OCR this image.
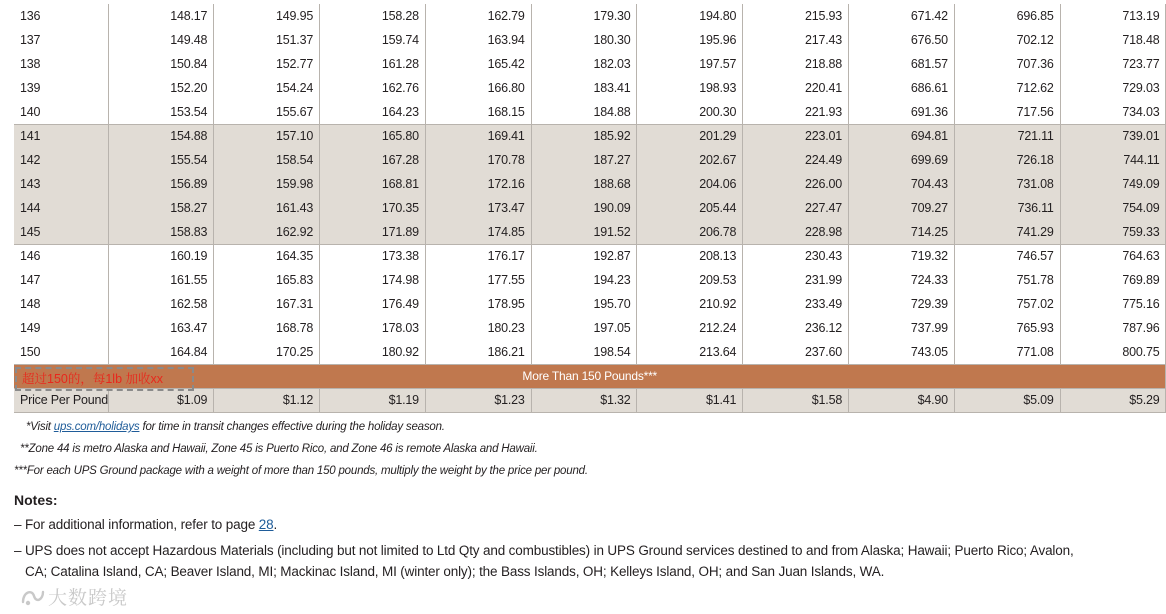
136	148.17	149.95	158.28	162.79	179.30	194.80	215.93	671.42	696.85	713.19
137	149.48	151.37	159.74	163.94	180.30	195.96	217.43	676.50	702.12	718.48
138	150.84	152.77	161.28	165.42	182.03	197.57	218.88	681.57	707.36	723.77
139	152.20	154.24	162.76	166.80	183.41	198.93	220.41	686.61	712.62	729.03
140	153.54	155.67	164.23	168.15	184.88	200.30	221.93	691.36	717.56	734.03
141	154.88	157.10	165.80	169.41	185.92	201.29	223.01	694.81	721.11	739.01
142	155.54	158.54	167.28	170.78	187.27	202.67	224.49	699.69	726.18	744.11
143	156.89	159.98	168.81	172.16	188.68	204.06	226.00	704.43	731.08	749.09
144	158.27	161.43	170.35	173.47	190.09	205.44	227.47	709.27	736.11	754.09
145	158.83	162.92	171.89	174.85	191.52	206.78	228.98	714.25	741.29	759.33
146	160.19	164.35	173.38	176.17	192.87	208.13	230.43	719.32	746.57	764.63
147	161.55	165.83	174.98	177.55	194.23	209.53	231.99	724.33	751.78	769.89
148	162.58	167.31	176.49	178.95	195.70	210.92	233.49	729.39	757.02	775.16
149	163.47	168.78	178.03	180.23	197.05	212.24	236.12	737.99	765.93	787.96
150	164.84	170.25	180.92	186.21	198.54	213.64	237.60	743.05	771.08	800.75
More Than 150 Pounds***										
Price Per Pound	$1.09	$1.12	$1.19	$1.23	$1.32	$1.41	$1.58	$4.90	$5.09	$5.29
超过150的，每1lb 加收xx
*Visit ups.com/holidays for time in transit changes effective during the holiday season.
**Zone 44 is metro Alaska and Hawaii, Zone 45 is Puerto Rico, and Zone 46 is remote Alaska and Hawaii.
***For each UPS Ground package with a weight of more than 150 pounds, multiply the weight by the price per pound.
Notes:
– For additional information, refer to page 28.
– UPS does not accept Hazardous Materials (including but not limited to Ltd Qty and combustibles) in UPS Ground services destined to and from Alaska; Hawaii; Puerto Rico; Avalon, CA; Catalina Island, CA; Beaver Island, MI; Mackinac Island, MI (winter only); the Bass Islands, OH; Kelleys Island, OH; and San Juan Islands, WA.
大数跨境
